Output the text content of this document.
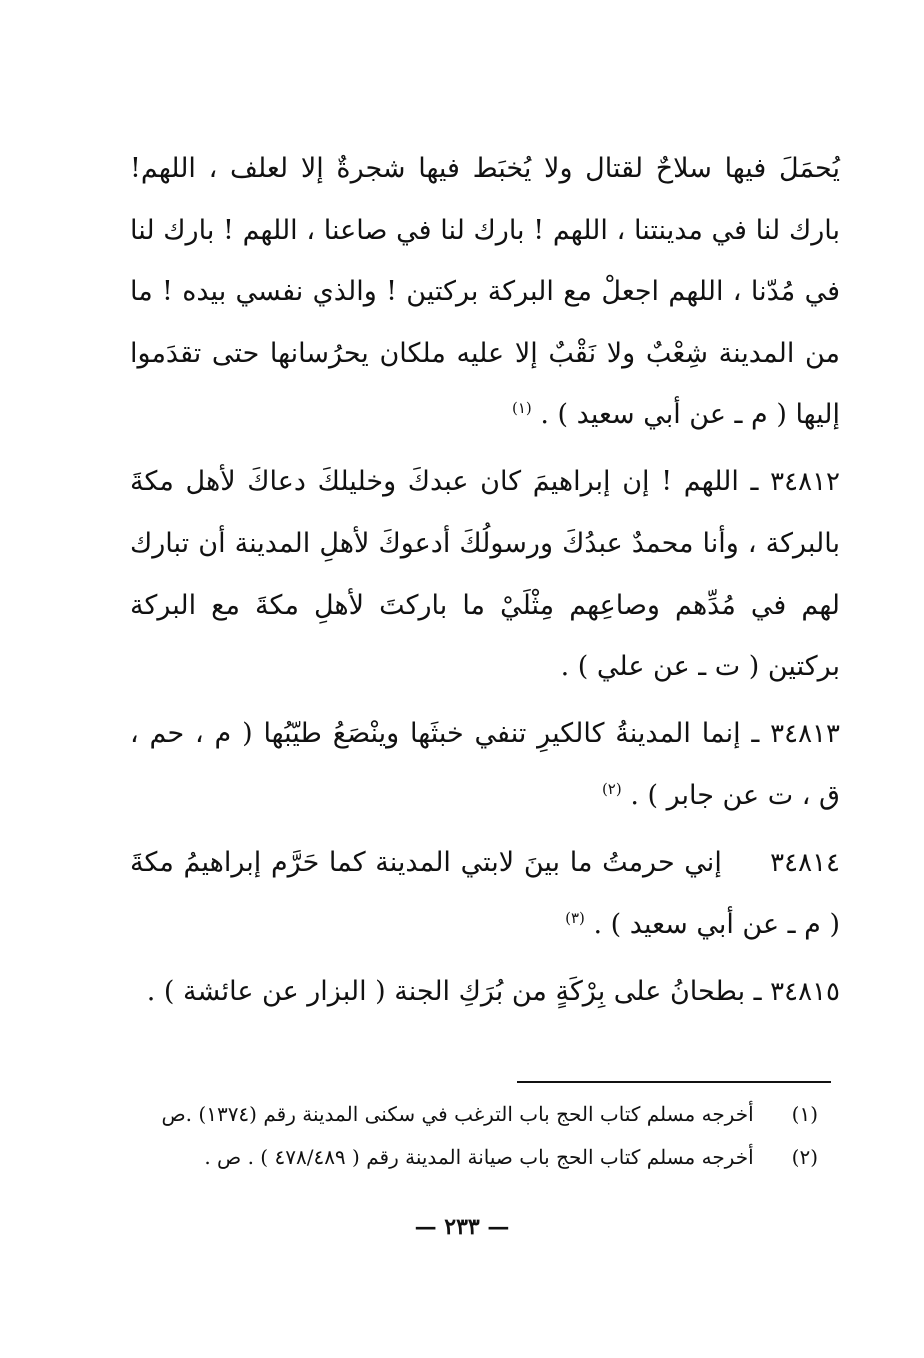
يُحمَلَ فيها سلاحٌ لقتال ولا يُخبَط فيها شجرةٌ إلا لعلف ، اللهم! بارك لنا في مدينتنا ، اللهم ! بارك لنا في صاعنا ، اللهم ! بارك لنا في مُدّنا ، اللهم اجعلْ مع البركة بركتين ! والذي نفسي بيده ! ما من المدينة شِعْبٌ ولا نَقْبٌ إلا عليه ملكان يحرُسانها حتى تقدَموا إليها ( م ـ عن أبي سعيد ) . $^{(١)}$

٣٤٨١٢ ـ اللهم ! إن إبراهيمَ كان عبدكَ وخليلكَ دعاكَ لأهل مكةَ بالبركة ، وأنا محمدٌ عبدُكَ ورسولُكَ أدعوكَ لأهلِ المدينة أن تبارك لهم في مُدِّهم وصاعِهم مِثْلَيْ ما باركتَ لأهلِ مكةَ مع البركة بركتين ( ت ـ عن علي ) .

٣٤٨١٣ ـ إنما المدينةُ كالكيرِ تنفي خبثَها وينْصَعُ طيّبُها ( م ، حم ، ق ، ت عن جابر ) . $^{(٢)}$

٣٤٨١٤     إني حرمتُ ما بينَ لابتي المدينة كما حَرَّم إبراهيمُ مكةَ ( م ـ عن أبي سعيد ) . $^{(٣)}$

٣٤٨١٥ ـ بطحانُ على بِرْكَةٍ من بُرَكِ الجنة ( البزار عن عائشة ) .

(١) أخرجه مسلم كتاب الحج باب الترغب في سكنى المدينة رقم (١٣٧٤) .ص
(٢) أخرجه مسلم كتاب الحج باب صيانة المدينة رقم ( ٤٧٨/٤٨٩ ) . ص .
— ٢٣٣ —
